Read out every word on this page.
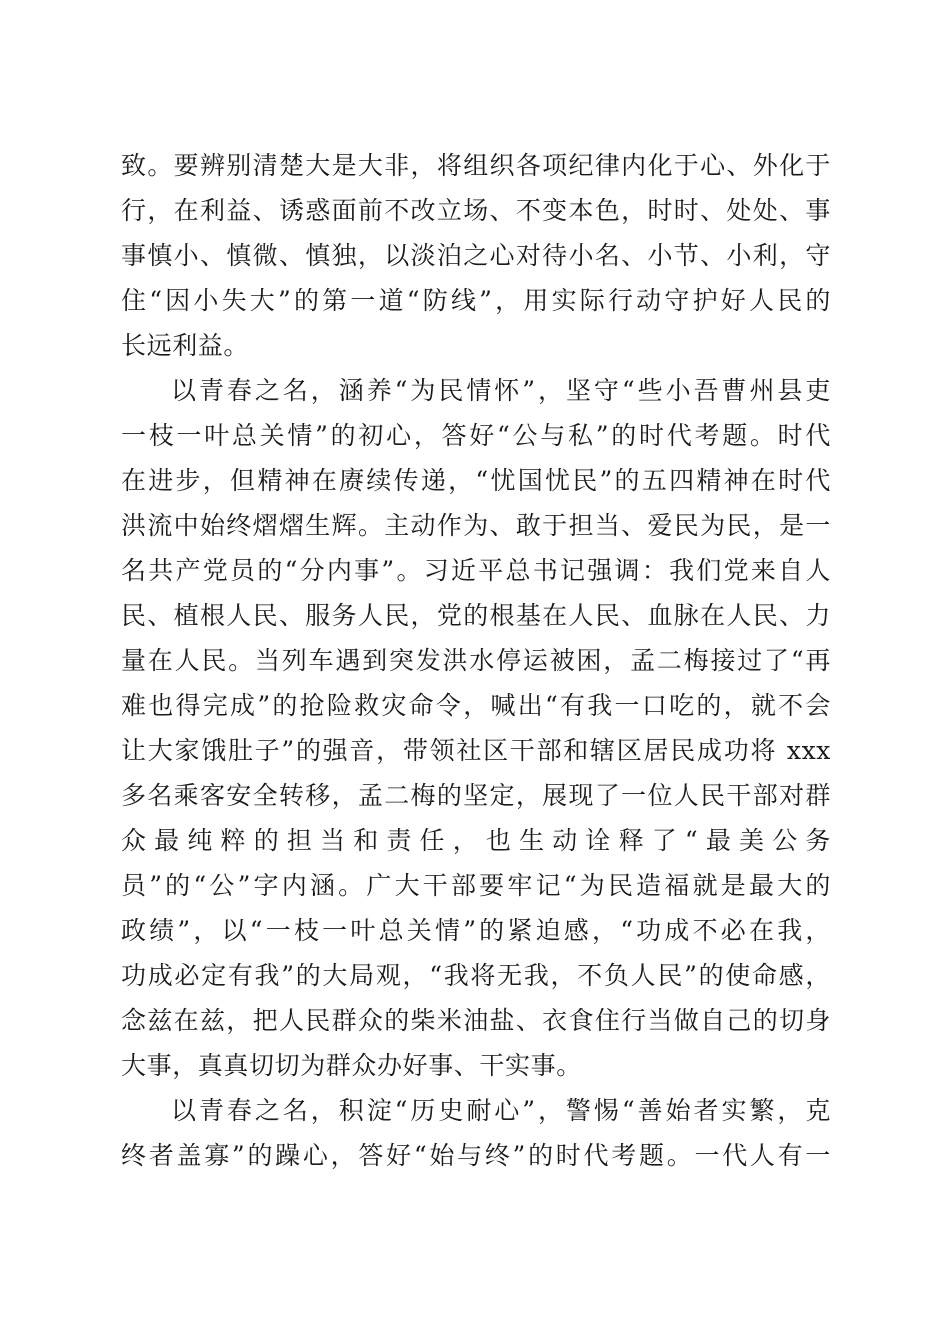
致。要辨别清楚大是大非，将组织各项纪律内化于心、外化于
行，在利益、诱惑面前不改立场、不变本色，时时、处处、事
事慎小、慎微、慎独，以淡泊之心对待小名、小节、小利，守
住“因小失大”的第一道“防线”，用实际行动守护好人民的
长远利益。
以青春之名，涵养“为民情怀”，坚守“些小吾曹州县吏
一枝一叶总关情”的初心，答好“公与私”的时代考题。时代
在进步，但精神在赓续传递，“忧国忧民”的五四精神在时代
洪流中始终熠熠生辉。主动作为、敢于担当、爱民为民，是一
名共产党员的“分内事”。习近平总书记强调：我们党来自人
民、植根人民、服务人民，党的根基在人民、血脉在人民、力
量在人民。当列车遇到突发洪水停运被困，孟二梅接过了“再
难也得完成”的抢险救灾命令，喊出“有我一口吃的，就不会
让大家饿肚子”的强音，带领社区干部和辖区居民成功将 xxx
多名乘客安全转移，孟二梅的坚定，展现了一位人民干部对群
众最纯粹的担当和责任，也生动诠释了“最美公务
员”的“公”字内涵。广大干部要牢记“为民造福就是最大的
政绩”，以“一枝一叶总关情”的紧迫感，“功成不必在我，
功成必定有我”的大局观，“我将无我，不负人民”的使命感，
念兹在兹，把人民群众的柴米油盐、衣食住行当做自己的切身
大事，真真切切为群众办好事、干实事。
以青春之名，积淀“历史耐心”，警惕“善始者实繁，克
终者盖寡”的躁心，答好“始与终”的时代考题。一代人有一
